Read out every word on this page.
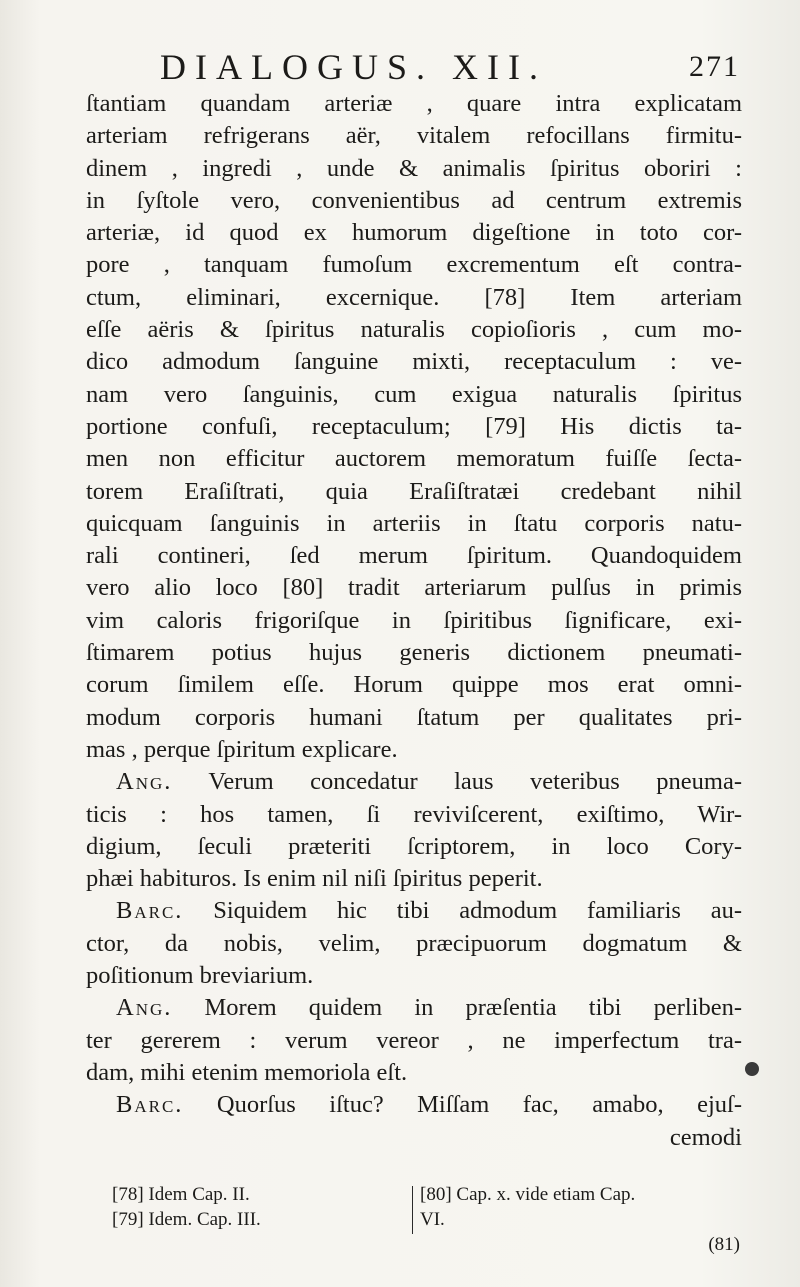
DIALOGUS. XII.	271
ſtantiam quandam arteriæ , quare intra explicatam
arteriam refrigerans aër, vitalem refocillans firmitu-
dinem , ingredi , unde & animalis ſpiritus oboriri :
in ſyſtole vero, convenientibus ad centrum extremis
arteriæ, id quod ex humorum digeſtione in toto cor-
pore , tanquam fumoſum excrementum eſt contra-
ctum, eliminari, excernique. [78] Item arteriam
eſſe aëris & ſpiritus naturalis copioſioris , cum mo-
dico admodum ſanguine mixti, receptaculum : ve-
nam vero ſanguinis, cum exigua naturalis ſpiritus
portione confuſi, receptaculum; [79] His dictis ta-
men non efficitur auctorem memoratum fuiſſe ſecta-
torem Eraſiſtrati, quia Eraſiſtratæi credebant nihil
quicquam ſanguinis in arteriis in ſtatu corporis natu-
rali contineri, ſed merum ſpiritum. Quandoquidem
vero alio loco [80] tradit arteriarum pulſus in primis
vim caloris frigoriſque in ſpiritibus ſignificare, exi-
ſtimarem potius hujus generis dictionem pneumati-
corum ſimilem eſſe. Horum quippe mos erat omni-
modum corporis humani ſtatum per qualitates pri-
mas , perque ſpiritum explicare.
Ang. Verum concedatur laus veteribus pneuma-
ticis : hos tamen, ſi reviviſcerent, exiſtimo, Wir-
digium, ſeculi præteriti ſcriptorem, in loco Cory-
phæi habituros. Is enim nil niſi ſpiritus peperit.
Barc. Siquidem hic tibi admodum familiaris au-
ctor, da nobis, velim, præcipuorum dogmatum &
poſitionum breviarium.
Ang. Morem quidem in præſentia tibi perliben-
ter gererem : verum vereor , ne imperfectum tra-
dam, mihi etenim memoriola eſt.
Barc. Quorſus iſtuc? Miſſam fac, amabo, ejuſ-
cemodi
[78] Idem Cap. II.
[79] Idem. Cap. III.
[80] Cap. x. vide etiam Cap.
VI.
(81)
